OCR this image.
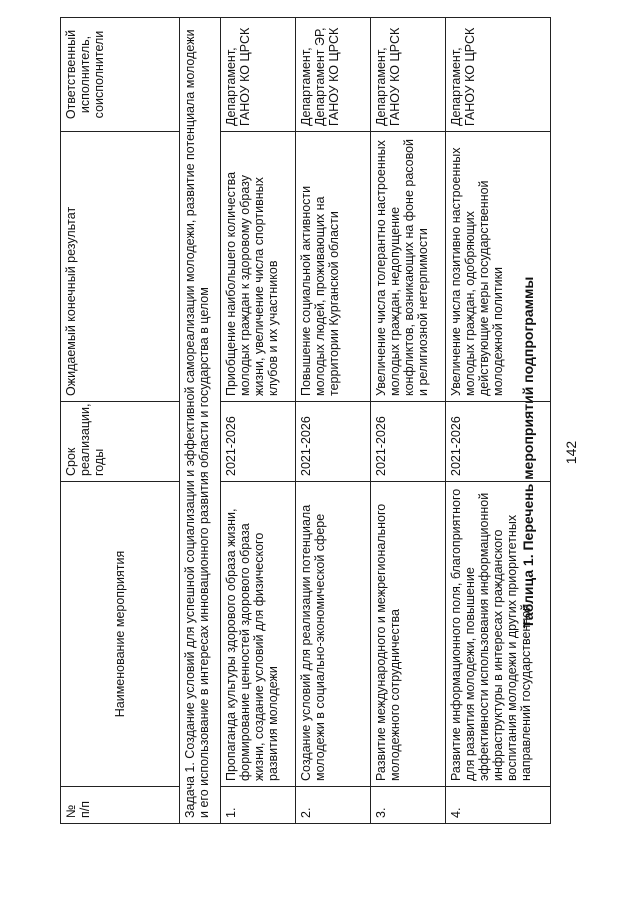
142
Таблица 1. Перечень мероприятий подпрограммы
№ п/п	Наименование мероприятия	Срок реализации, годы	Ожидаемый конечный результат	Ответственный исполнитель, соисполнители
Задача 1. Создание условий для успешной социализации и эффективной самореализации молодежи, развитие потенциала молодежи и его использование в интересах инновационного развития области и государства в целом				
1.	Пропаганда культуры здорового образа жизни, формирование ценностей здорового образа жизни, создание условий для физического развития молодежи	2021-2026	Приобщение наибольшего количества молодых граждан к здоровому образу жизни, увеличение числа спортивных клубов и их участников	Департамент, ГАНОУ КО ЦРСК
2.	Создание условий для реализации потенциала молодежи в социально-экономической сфере	2021-2026	Повышение социальной активности молодых людей, проживающих на территории Курганской области	Департамент, Департамент ЭР, ГАНОУ КО ЦРСК
3.	Развитие международного и межрегионального молодежного сотрудничества	2021-2026	Увеличение числа толерантно настроенных молодых граждан, недопущение конфликтов, возникающих на фоне расовой и религиозной нетерпимости	Департамент, ГАНОУ КО ЦРСК
4.	Развитие информационного поля, благоприятного для развития молодежи, повышение эффективности использования информационной инфраструктуры в интересах гражданского воспитания молодежи и других приоритетных направлений государственной	2021-2026	Увеличение числа позитивно настроенных молодых граждан, одобряющих действующие меры государственной молодежной политики	Департамент, ГАНОУ КО ЦРСК
